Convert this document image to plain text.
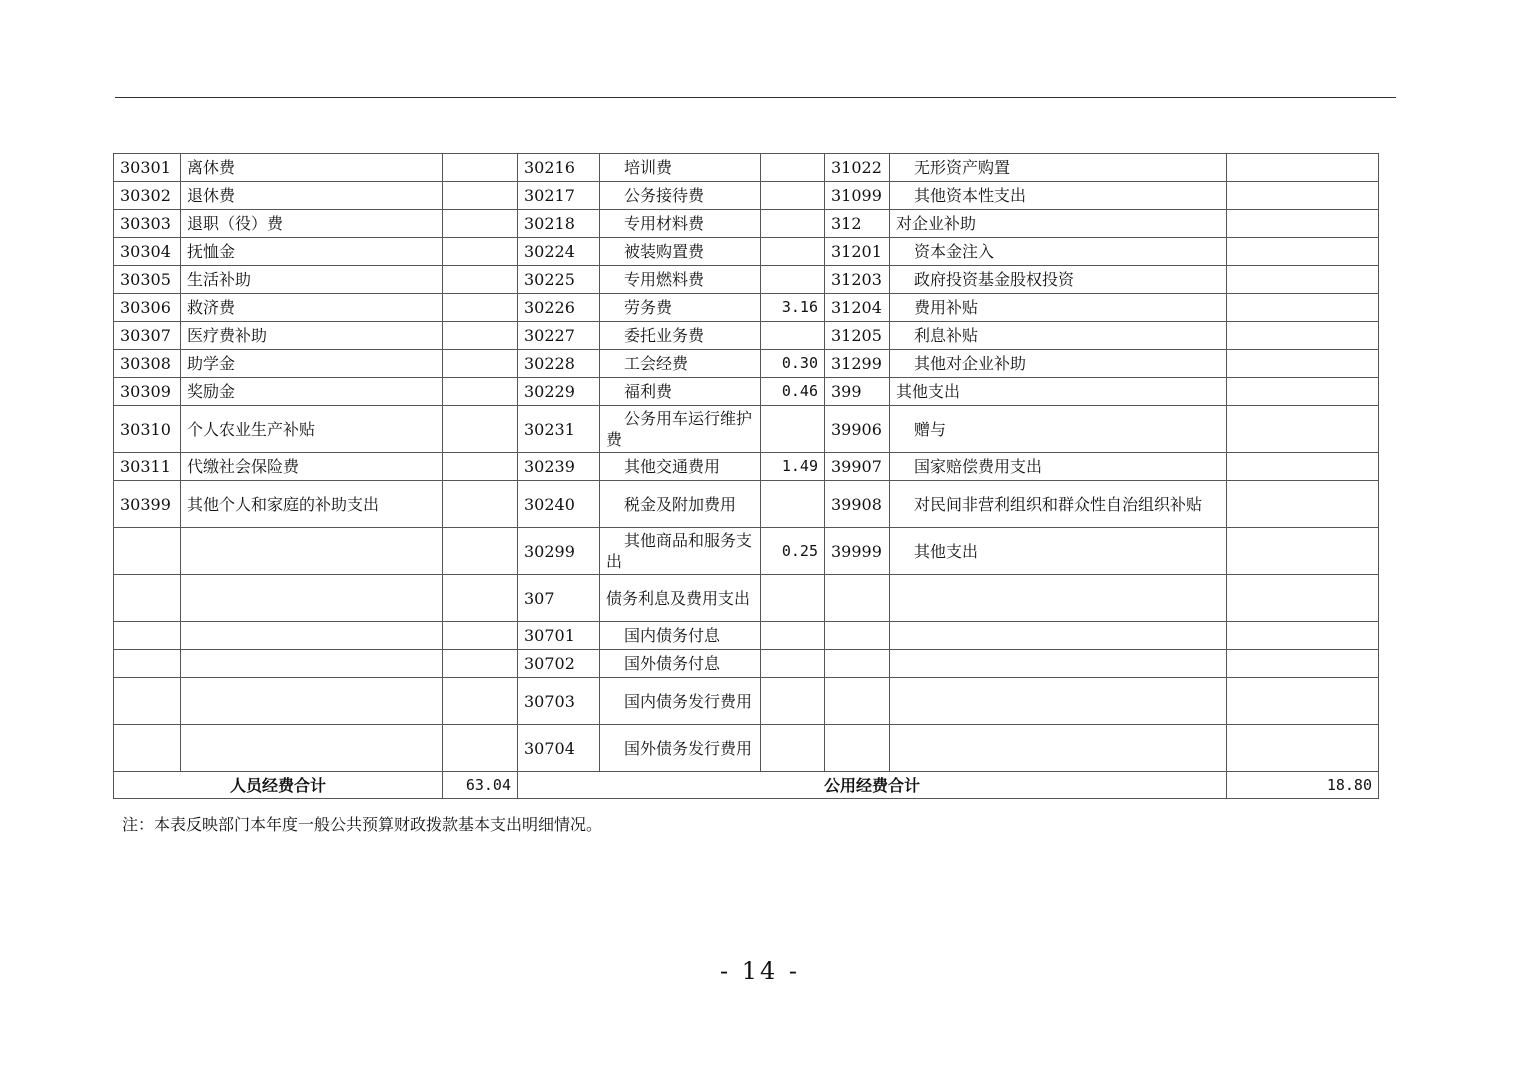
30301	离休费		30216	培训费		31022	无形资产购置	
30302	退休费		30217	公务接待费		31099	其他资本性支出	
30303	退职（役）费		30218	专用材料费		312	对企业补助	
30304	抚恤金		30224	被装购置费		31201	资本金注入	
30305	生活补助		30225	专用燃料费		31203	政府投资基金股权投资	
30306	救济费		30226	劳务费	3.16	31204	费用补贴	
30307	医疗费补助		30227	委托业务费		31205	利息补贴	
30308	助学金		30228	工会经费	0.30	31299	其他对企业补助	
30309	奖励金		30229	福利费	0.46	399	其他支出	
30310	个人农业生产补贴		30231	公务用车运行维护费		39906	赠与	
30311	代缴社会保险费		30239	其他交通费用	1.49	39907	国家赔偿费用支出	
30399	其他个人和家庭的补助支出		30240	税金及附加费用		39908	对民间非营利组织和群众性自治组织补贴	
			30299	其他商品和服务支出	0.25	39999	其他支出	
			307	债务利息及费用支出				
			30701	国内债务付息				
			30702	国外债务付息				
			30703	国内债务发行费用				
			30704	国外债务发行费用				
人员经费合计		63.04	公用经费合计					18.80
注：本表反映部门本年度一般公共预算财政拨款基本支出明细情况。
- 14 -
